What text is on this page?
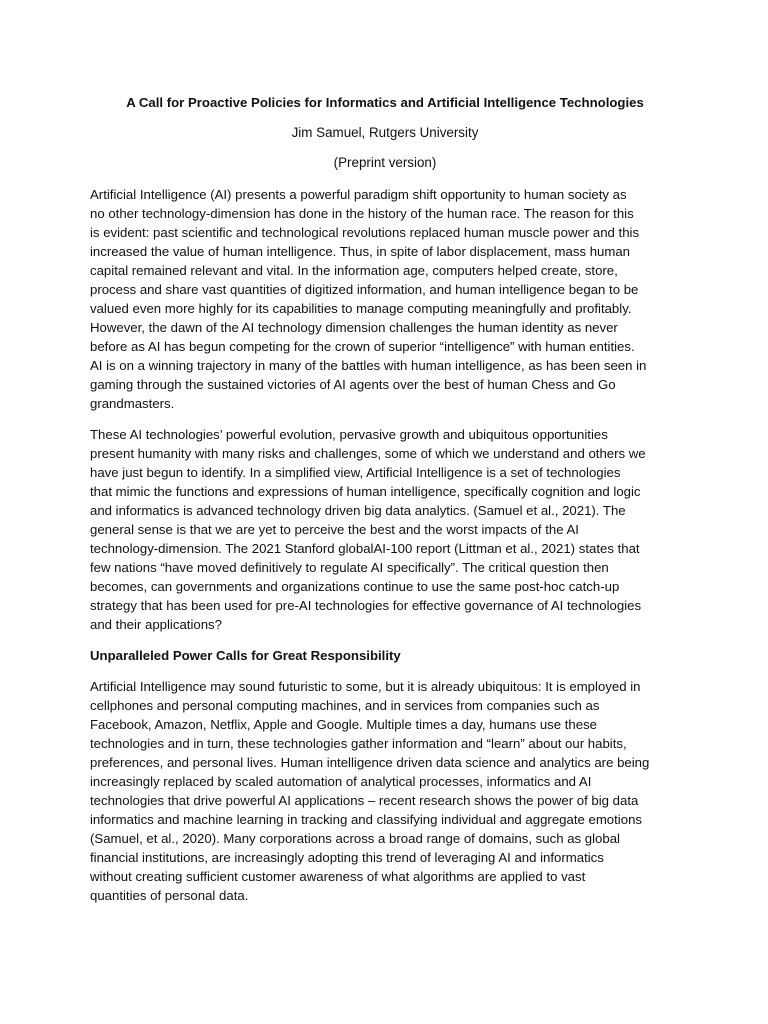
A Call for Proactive Policies for Informatics and Artificial Intelligence Technologies
Jim Samuel, Rutgers University
(Preprint version)
Artificial Intelligence (AI) presents a powerful paradigm shift opportunity to human society as
no other technology-dimension has done in the history of the human race. The reason for this
is evident: past scientific and technological revolutions replaced human muscle power and this
increased the value of human intelligence. Thus, in spite of labor displacement, mass human
capital remained relevant and vital. In the information age, computers helped create, store,
process and share vast quantities of digitized information, and human intelligence began to be
valued even more highly for its capabilities to manage computing meaningfully and profitably.
However, the dawn of the AI technology dimension challenges the human identity as never
before as AI has begun competing for the crown of superior “intelligence” with human entities.
AI is on a winning trajectory in many of the battles with human intelligence, as has been seen in
gaming through the sustained victories of AI agents over the best of human Chess and Go
grandmasters.
These AI technologies’ powerful evolution, pervasive growth and ubiquitous opportunities
present humanity with many risks and challenges, some of which we understand and others we
have just begun to identify. In a simplified view, Artificial Intelligence is a set of technologies
that mimic the functions and expressions of human intelligence, specifically cognition and logic
and informatics is advanced technology driven big data analytics. (Samuel et al., 2021). The
general sense is that we are yet to perceive the best and the worst impacts of the AI
technology-dimension. The 2021 Stanford globalAI-100 report (Littman et al., 2021) states that
few nations “have moved definitively to regulate AI specifically”. The critical question then
becomes, can governments and organizations continue to use the same post-hoc catch-up
strategy that has been used for pre-AI technologies for effective governance of AI technologies
and their applications?
Unparalleled Power Calls for Great Responsibility
Artificial Intelligence may sound futuristic to some, but it is already ubiquitous: It is employed in
cellphones and personal computing machines, and in services from companies such as
Facebook, Amazon, Netflix, Apple and Google. Multiple times a day, humans use these
technologies and in turn, these technologies gather information and “learn” about our habits,
preferences, and personal lives. Human intelligence driven data science and analytics are being
increasingly replaced by scaled automation of analytical processes, informatics and AI
technologies that drive powerful AI applications – recent research shows the power of big data
informatics and machine learning in tracking and classifying individual and aggregate emotions
(Samuel, et al., 2020). Many corporations across a broad range of domains, such as global
financial institutions, are increasingly adopting this trend of leveraging AI and informatics
without creating sufficient customer awareness of what algorithms are applied to vast
quantities of personal data.
